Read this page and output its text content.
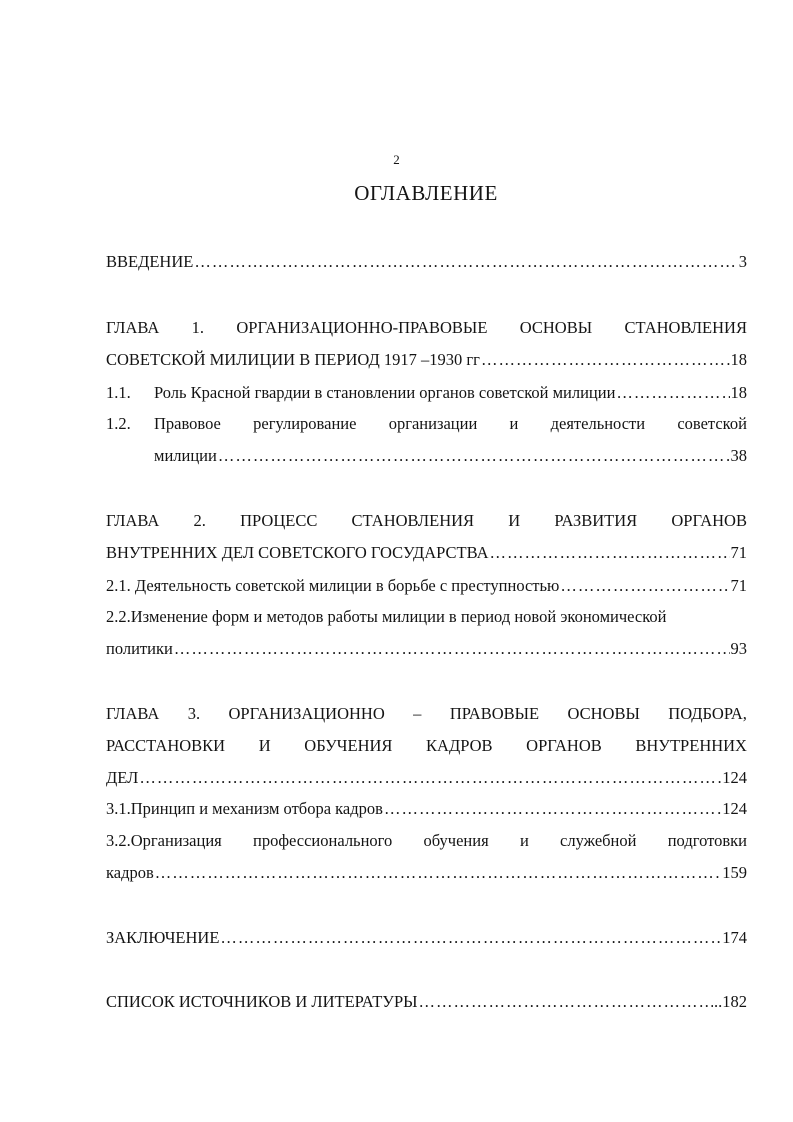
2
ОГЛАВЛЕНИЕ
ВВЕДЕНИЕ …………………………………………………………………………………………………………………………………………………………	3
ГЛАВА 1. ОРГАНИЗАЦИОННО-ПРАВОВЫЕ ОСНОВЫ СТАНОВЛЕНИЯ
СОВЕТСКОЙ МИЛИЦИИ В ПЕРИОД 1917 –1930 гг …………………………………………………………………………………………………………………………………………………………	.18
1.1. Роль Красной гвардии в становлении органов советской милиции …………………………………………………………………………………………………………………………………………………………	18
1.2.	Правовое регулирование организации и деятельности советской
милиции …………………………………………………………………………………………………………………………………………………………	38
ГЛАВА 2. ПРОЦЕСС СТАНОВЛЕНИЯ И РАЗВИТИЯ ОРГАНОВ
ВНУТРЕННИХ ДЕЛ СОВЕТСКОГО ГОСУДАРСТВА …………………………………………………………………………………………………………………………………………………………	71
2.1. Деятельность советской милиции в борьбе с преступностью …………………………………………………………………………………………………………………………………………………………	71
2.2.Изменение форм и методов работы милиции в период новой экономической
политики …………………………………………………………………………………………………………………………………………………………	93
ГЛАВА 3. ОРГАНИЗАЦИОННО – ПРАВОВЫЕ ОСНОВЫ ПОДБОРА,
РАССТАНОВКИ И ОБУЧЕНИЯ КАДРОВ ОРГАНОВ ВНУТРЕННИХ
ДЕЛ …………………………………………………………………………………………………………………………………………………………	124
3.1.Принцип и механизм отбора кадров …………………………………………………………………………………………………………………………………………………………	124
3.2.Организация профессионального обучения и служебной подготовки
кадров …………………………………………………………………………………………………………………………………………………………	159
ЗАКЛЮЧЕНИЕ …………………………………………………………………………………………………………………………………………………………	174
СПИСОК ИСТОЧНИКОВ И ЛИТЕРАТУРЫ …………………………………………………………………………………………………………………………………………………………	..182
